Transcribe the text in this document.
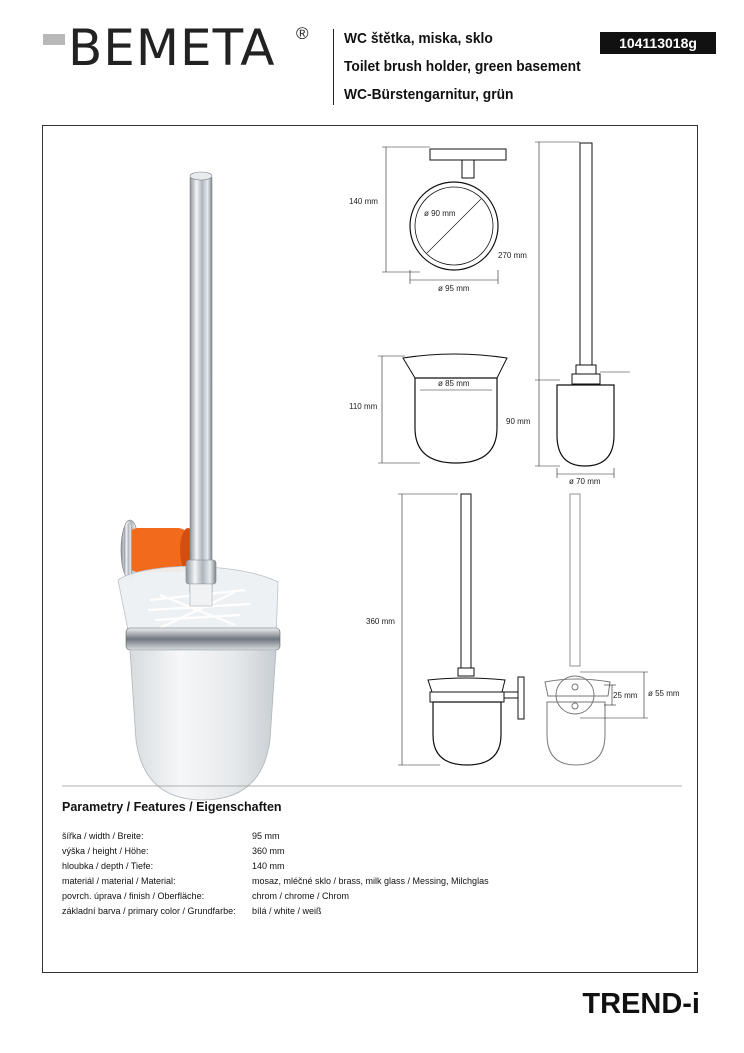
BEMETA ® WC štětka, miska, sklo
Toilet brush holder, green basement
WC-Bürstengarnitur, grün
104113018g
140 mm
ø 90 mm
ø 95 mm
270 mm
90 mm
ø 70 mm
ø 85 mm
110 mm
360 mm
25 mm ø 55 mm
Parametry / Features / Eigenschaften
šířka / width / Breite:	95 mm
výška / height / Höhe:	360 mm
hloubka / depth / Tiefe:	140 mm
materiál / material / Material:	mosaz, mléčné sklo / brass, milk glass / Messing, Milchglas
povrch. úprava / finish / Oberfläche:	chrom / chrome / Chrom
základní barva / primary color / Grundfarbe: bílá / white / weiß
TREND-i
